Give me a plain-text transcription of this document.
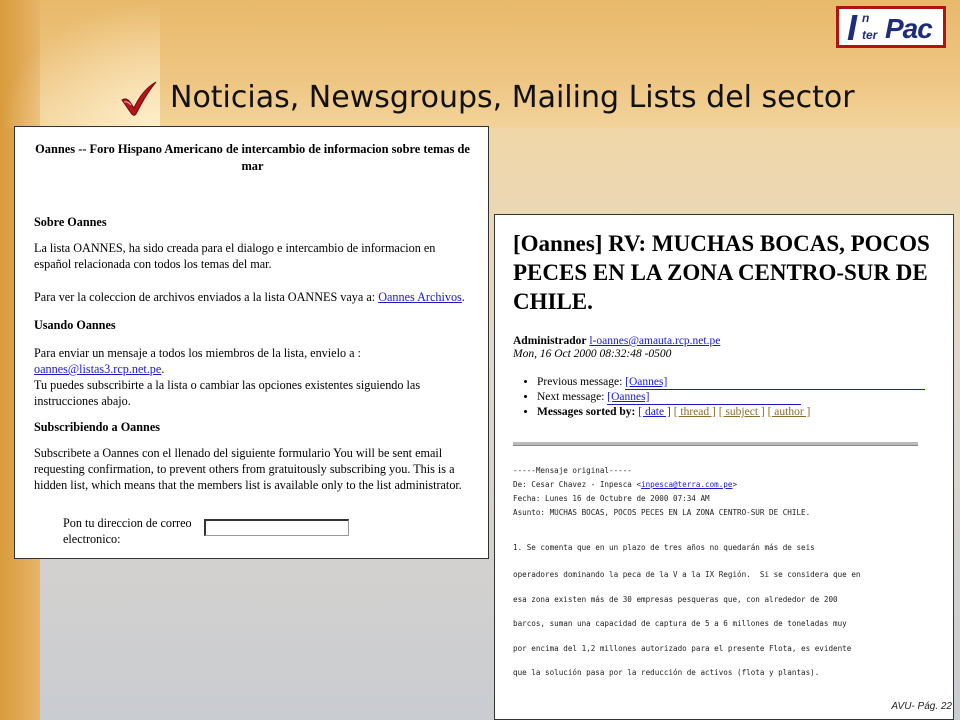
I n
ter Pac
Noticias, Newsgroups, Mailing Lists del sector
Oannes -- Foro Hispano Americano de intercambio de informacion sobre temas de mar
Sobre Oannes
La lista OANNES, ha sido creada para el dialogo e intercambio de informacion en español relacionada con todos los temas del mar.
Para ver la coleccion de archivos enviados a la lista OANNES vaya a: Oannes Archivos.
Usando Oannes
Para enviar un mensaje a todos los miembros de la lista, envielo a : oannes@listas3.rcp.net.pe.
Tu puedes subscribirte a la lista o cambiar las opciones existentes siguiendo las instrucciones abajo.
Subscribiendo a Oannes
Subscribete a Oannes con el llenado del siguiente formulario You will be sent email requesting confirmation, to prevent others from gratuitously subscribing you. This is a hidden list, which means that the members list is available only to the list administrator.
Pon tu direccion de correo electronico:
[Oannes] RV: MUCHAS BOCAS, POCOS PECES EN LA ZONA CENTRO-SUR DE CHILE.
Administrador l-oannes@amauta.rcp.net.pe
Mon, 16 Oct 2000 08:32:48 -0500
• Previous message: [Oannes]
• Next message: [Oannes]
• Messages sorted by: [ date ] [ thread ] [ subject ] [ author ]
-----Mensaje original-----
De: Cesar Chavez - Inpesca <inpesca@terra.com.pe>
Fecha: Lunes 16 de Octubre de 2000 07:34 AM
Asunto: MUCHAS BOCAS, POCOS PECES EN LA ZONA CENTRO-SUR DE CHILE.
1. Se comenta que en un plazo de tres años no quedarán más de seis
operadores dominando la peca de la V a la IX Región.  Si se considera que en
esa zona existen más de 30 empresas pesqueras que, con alrededor de 200
barcos, suman una capacidad de captura de 5 a 6 millones de toneladas muy
por encima del 1,2 millones autorizado para el presente Flota, es evidente
que la solución pasa por la reducción de activos (flota y plantas).
AVU- Pág. 22
